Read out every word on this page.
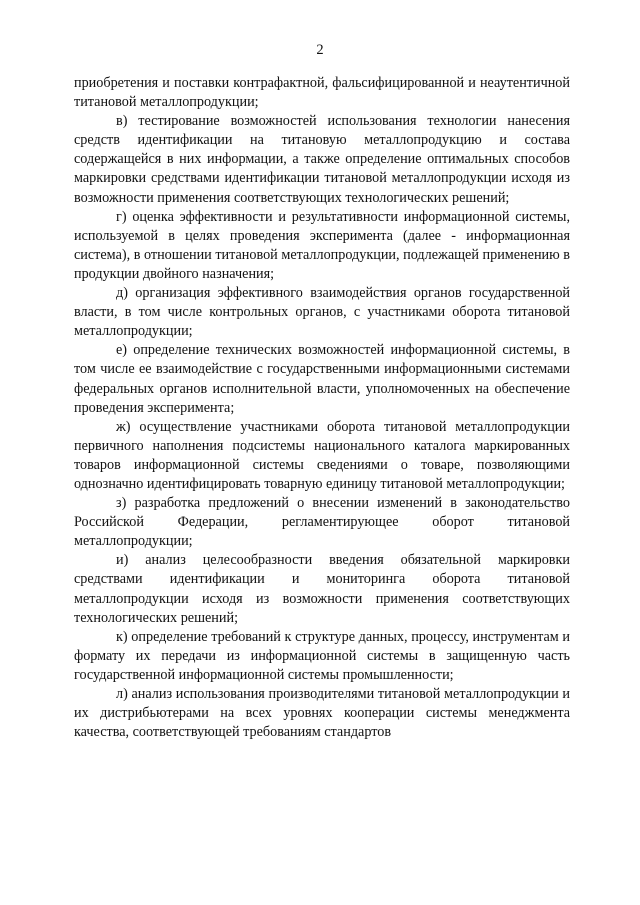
2

приобретения и поставки контрафактной, фальсифицированной и неаутентичной титановой металлопродукции;

в) тестирование возможностей использования технологии нанесения средств идентификации на титановую металлопродукцию и состава содержащейся в них информации, а также определение оптимальных способов маркировки средствами идентификации титановой металлопродукции исходя из возможности применения соответствующих технологических решений;

г) оценка эффективности и результативности информационной системы, используемой в целях проведения эксперимента (далее - информационная система), в отношении титановой металлопродукции, подлежащей применению в продукции двойного назначения;

д) организация эффективного взаимодействия органов государственной власти, в том числе контрольных органов, с участниками оборота титановой металлопродукции;

е) определение технических возможностей информационной системы, в том числе ее взаимодействие с государственными информационными системами федеральных органов исполнительной власти, уполномоченных на обеспечение проведения эксперимента;

ж) осуществление участниками оборота титановой металлопродукции первичного наполнения подсистемы национального каталога маркированных товаров информационной системы сведениями о товаре, позволяющими однозначно идентифицировать товарную единицу титановой металлопродукции;

з) разработка предложений о внесении изменений в законодательство Российской Федерации, регламентирующее оборот титановой металлопродукции;

и) анализ целесообразности введения обязательной маркировки средствами идентификации и мониторинга оборота титановой металлопродукции исходя из возможности применения соответствующих технологических решений;

к) определение требований к структуре данных, процессу, инструментам и формату их передачи из информационной системы в защищенную часть государственной информационной системы промышленности;

л) анализ использования производителями титановой металлопродукции и их дистрибьютерами на всех уровнях кооперации системы менеджмента качества, соответствующей требованиям стандартов
